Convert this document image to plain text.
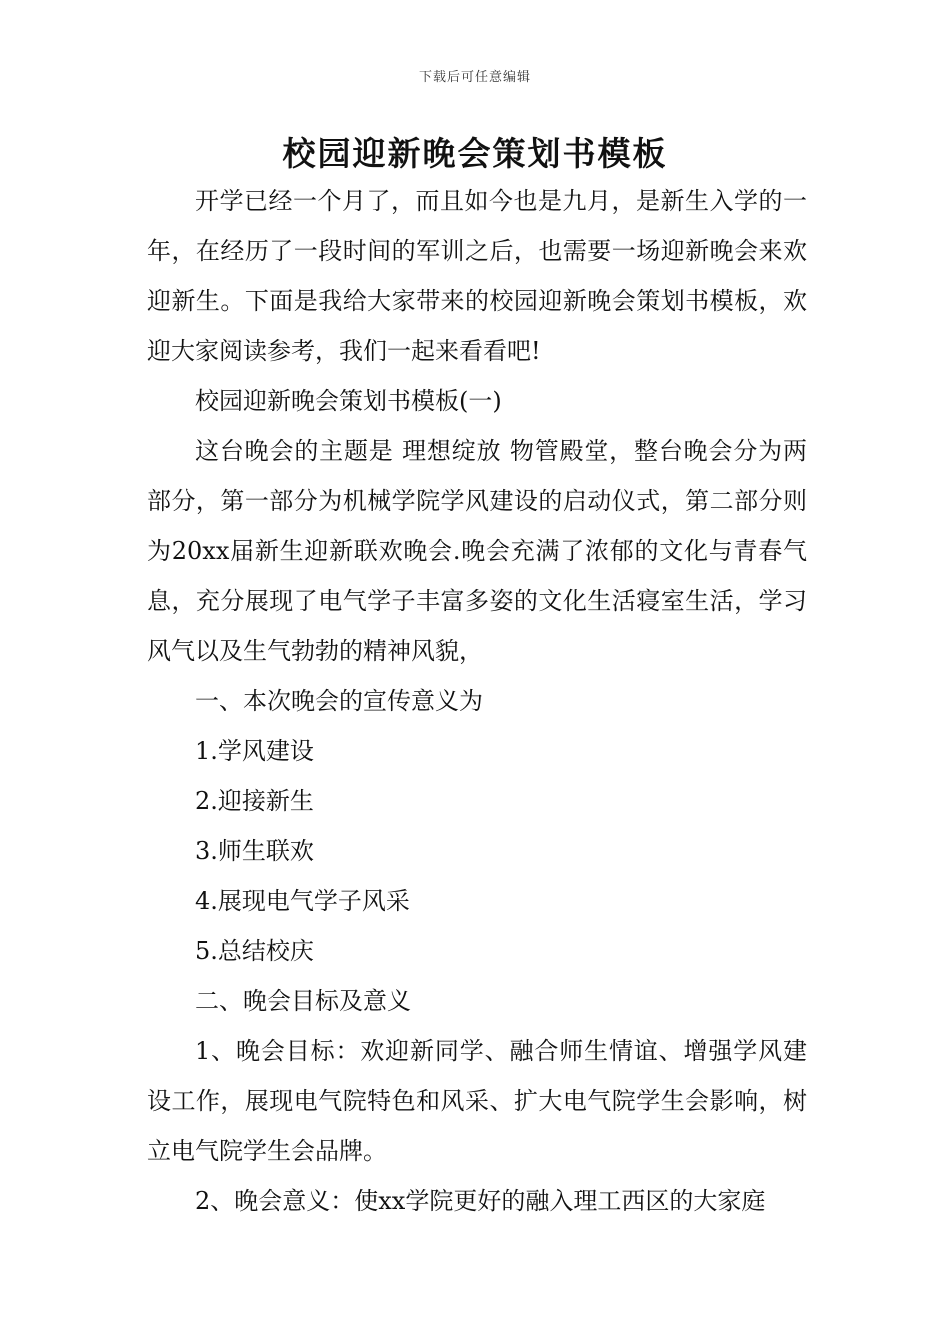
下载后可任意编辑
校园迎新晚会策划书模板

开学已经一个月了，而且如今也是九月，是新生入学的一年，在经历了一段时间的军训之后，也需要一场迎新晚会来欢迎新生。下面是我给大家带来的校园迎新晚会策划书模板，欢迎大家阅读参考，我们一起来看看吧!

校园迎新晚会策划书模板(一)

这台晚会的主题是 理想绽放 物管殿堂，整台晚会分为两部分，第一部分为机械学院学风建设的启动仪式，第二部分则为20xx届新生迎新联欢晚会.晚会充满了浓郁的文化与青春气息，充分展现了电气学子丰富多姿的文化生活寝室生活，学习风气以及生气勃勃的精神风貌，

一、本次晚会的宣传意义为

1.学风建设

2.迎接新生

3.师生联欢

4.展现电气学子风采

5.总结校庆

二、晚会目标及意义

1、晚会目标：欢迎新同学、融合师生情谊、增强学风建设工作，展现电气院特色和风采、扩大电气院学生会影响，树立电气院学生会品牌。

2、晚会意义：使xx学院更好的融入理工西区的大家庭
